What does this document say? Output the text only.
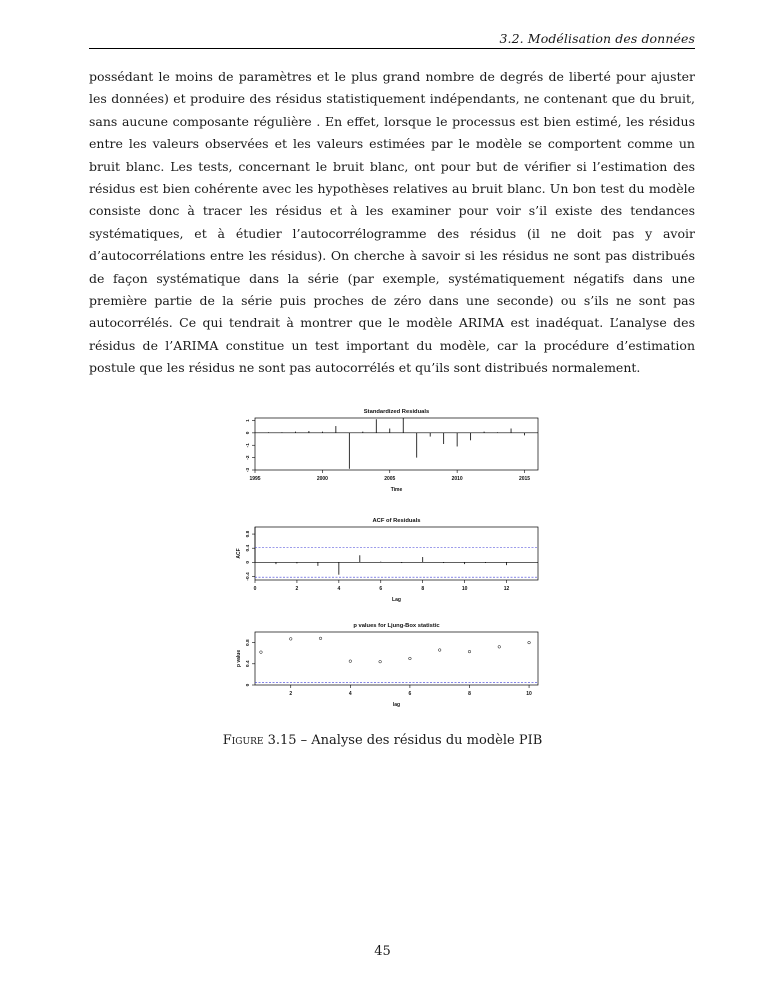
3.2. Modélisation des données

possédant le moins de paramètres et le plus grand nombre de degrés de liberté pour ajuster les données) et produire des résidus statistiquement indépendants, ne contenant que du bruit, sans aucune composante régulière . En effet, lorsque le processus est bien estimé, les résidus entre les valeurs observées et les valeurs estimées par le modèle se comportent comme un bruit blanc. Les tests, concernant le bruit blanc, ont pour but de vérifier si l’estimation des résidus est bien cohérente avec les hypothèses relatives au bruit blanc. Un bon test du modèle consiste donc à tracer les résidus et à les examiner pour voir s’il existe des tendances systématiques, et à étudier l’autocorrélogramme des résidus (il ne doit pas y avoir d’autocorrélations entre les résidus). On cherche à savoir si les résidus ne sont pas distribués de façon systématique dans la série (par exemple, systématiquement négatifs dans une première partie de la série puis proches de zéro dans une seconde) ou s’ils ne sont pas autocorrélés. Ce qui tendrait à montrer que le modèle ARIMA est inadéquat. L’analyse des résidus de l’ARIMA constitue un test important du modèle, car la procédure d’estimation postule que les résidus ne sont pas autocorrélés et qu’ils sont distribués normalement.

Standardized Residuals
1995	2000	2005	2010	2015
-3
-2
-1
0
1
Time
ACF of Residuals
0	2	4	6	8	10	12
-0.4
0
0.4
0.8
Lag
ACF
p values for Ljung-Box statistic
2	4	6	8	10
0
0.4
0.8
lag
p value
Figure 3.15 – Analyse des résidus du modèle PIB
45
